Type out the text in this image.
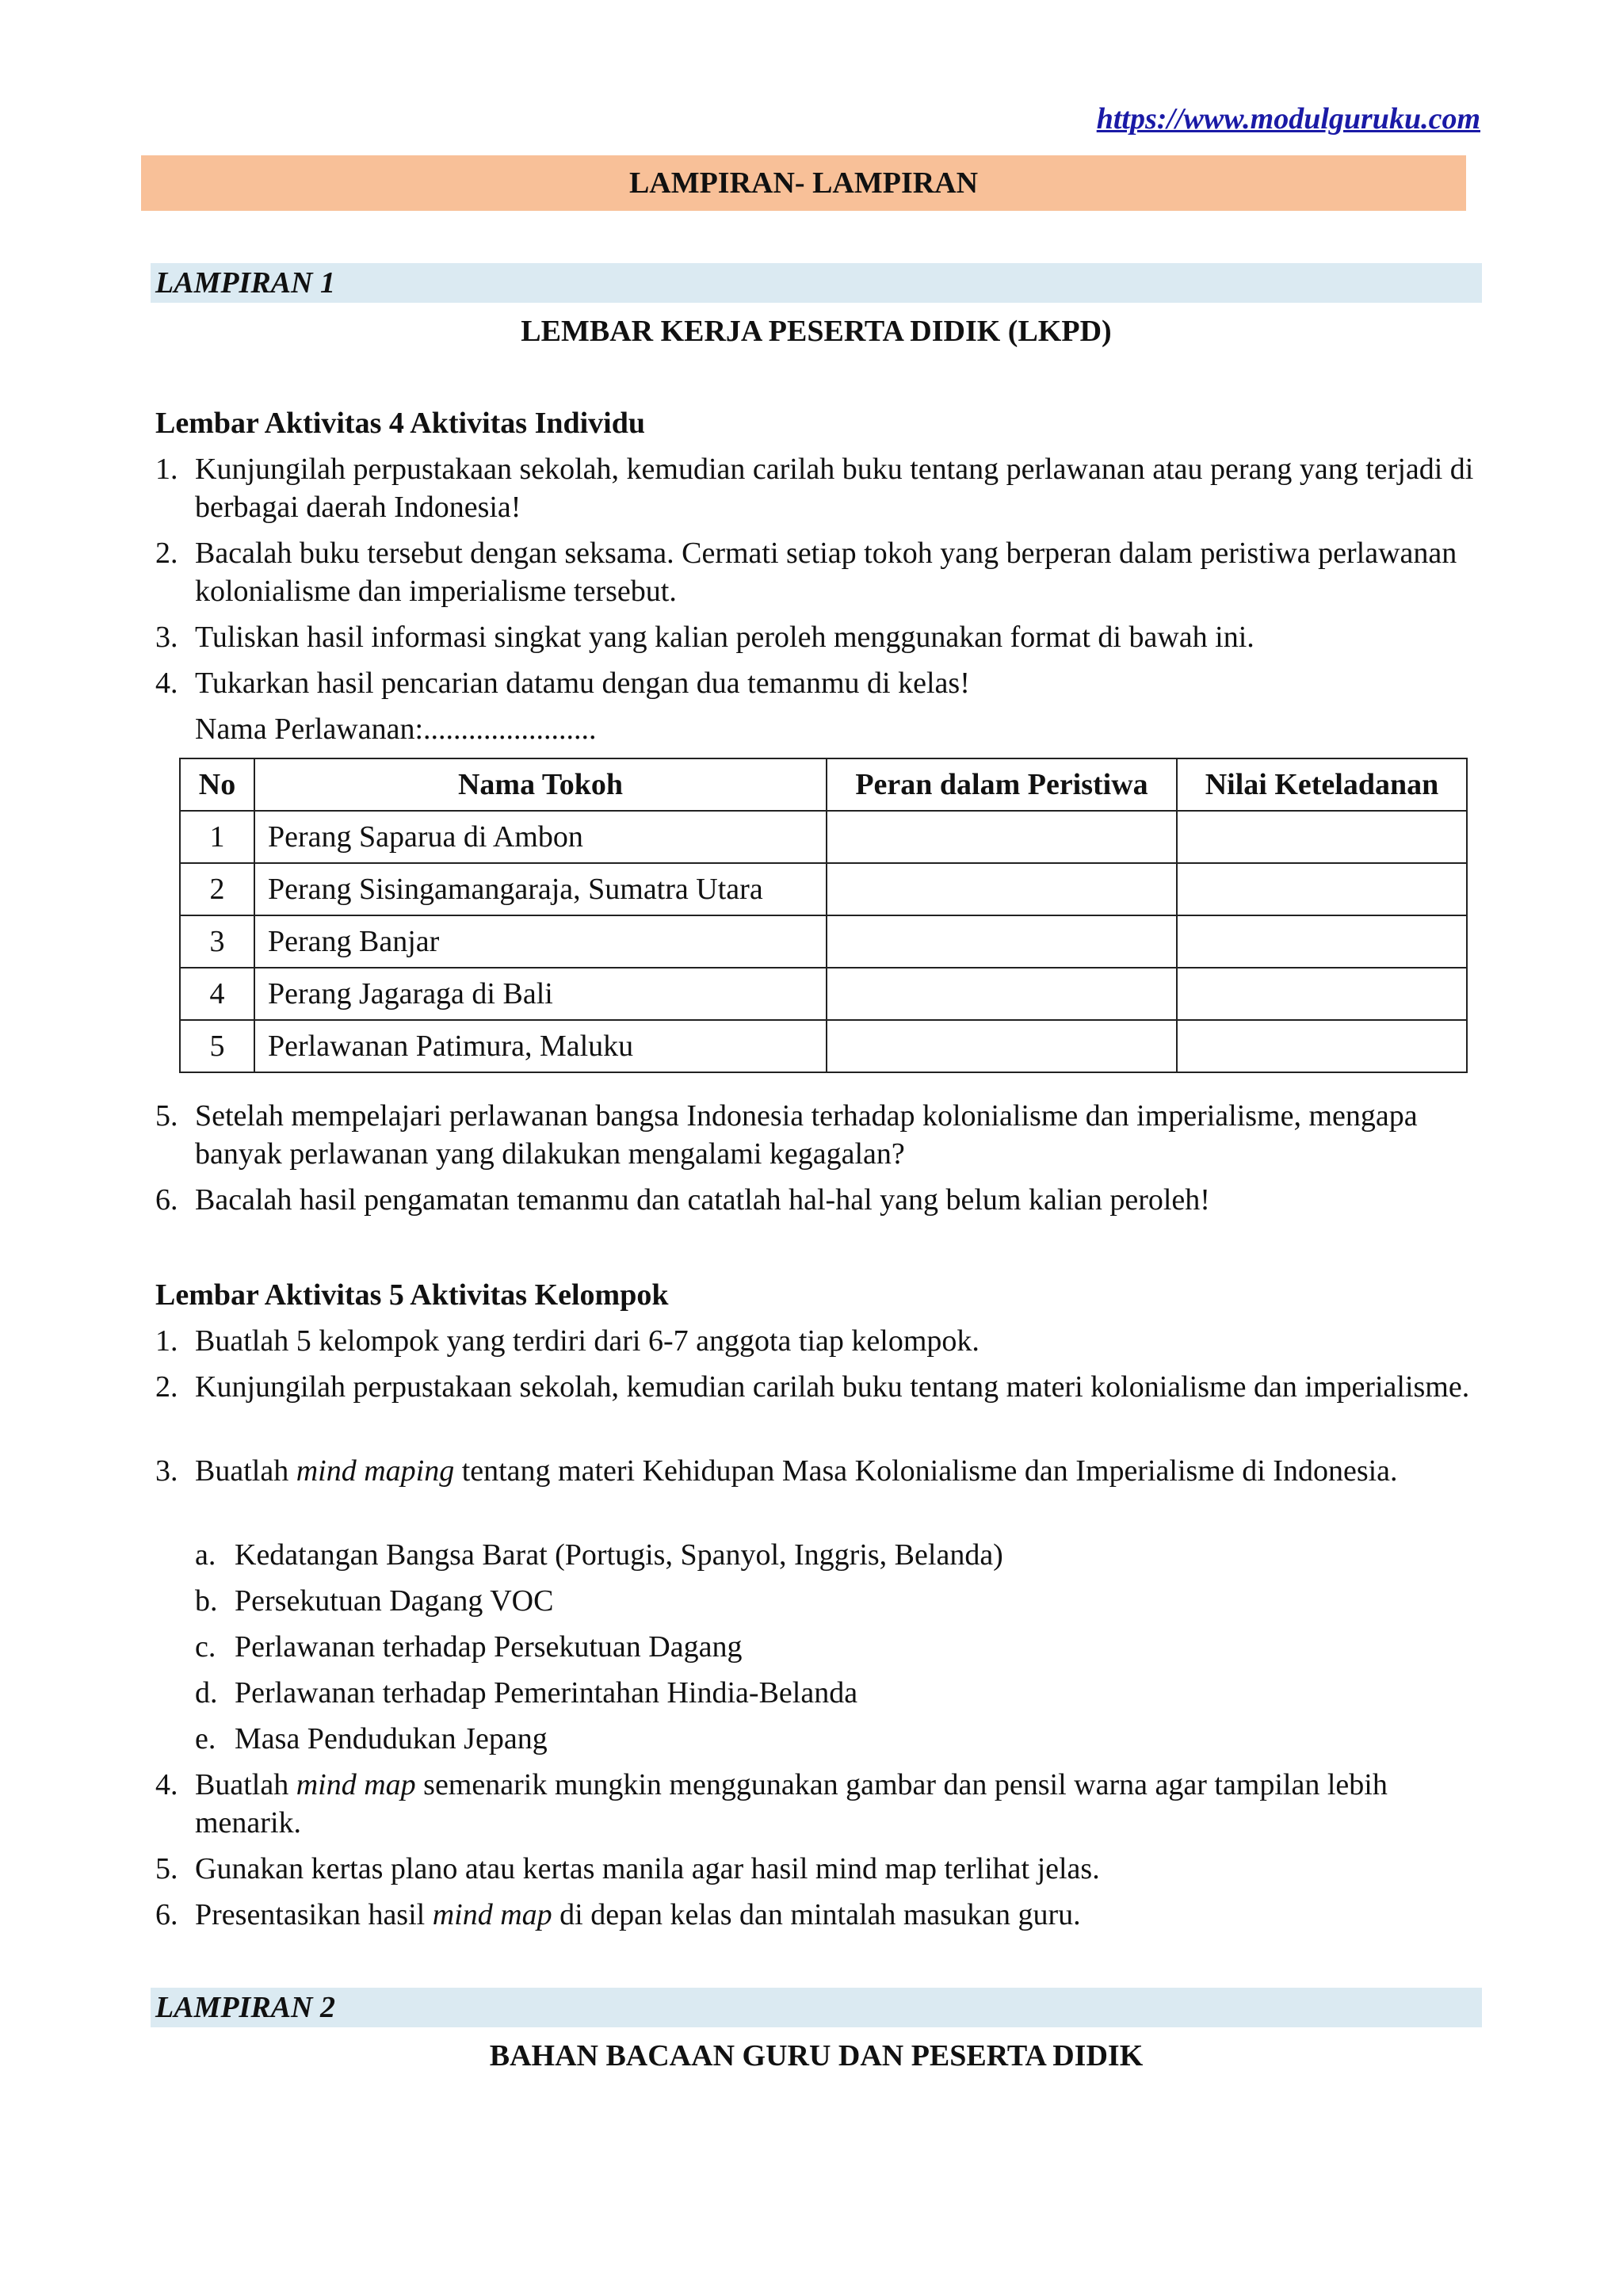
https://www.modulguruku.com
LAMPIRAN- LAMPIRAN
LAMPIRAN 1
LEMBAR KERJA PESERTA DIDIK (LKPD)
Lembar Aktivitas 4 Aktivitas Individu
1. Kunjungilah perpustakaan sekolah, kemudian carilah buku tentang perlawanan atau perang yang terjadi di berbagai daerah Indonesia!
2. Bacalah buku tersebut dengan seksama. Cermati setiap tokoh yang berperan dalam peristiwa perlawanan kolonialisme dan imperialisme tersebut.
3. Tuliskan hasil informasi singkat yang kalian peroleh menggunakan format di bawah ini.
4. Tukarkan hasil pencarian datamu dengan dua temanmu di kelas!
Nama Perlawanan:.......................
No	Nama Tokoh	Peran dalam Peristiwa	Nilai Keteladanan
1	Perang Saparua di Ambon		
2	Perang Sisingamangaraja, Sumatra Utara		
3	Perang Banjar		
4	Perang Jagaraga di Bali		
5	Perlawanan Patimura, Maluku		
5. Setelah mempelajari perlawanan bangsa Indonesia terhadap kolonialisme dan imperialisme, mengapa banyak perlawanan yang dilakukan mengalami kegagalan?
6. Bacalah hasil pengamatan temanmu dan catatlah hal-hal yang belum kalian peroleh!
Lembar Aktivitas 5 Aktivitas Kelompok
1. Buatlah 5 kelompok yang terdiri dari 6-7 anggota tiap kelompok.
2. Kunjungilah perpustakaan sekolah, kemudian carilah buku tentang materi kolonialisme dan imperialisme.
3. Buatlah mind maping tentang materi Kehidupan Masa Kolonialisme dan Imperialisme di Indonesia.
a. Kedatangan Bangsa Barat (Portugis, Spanyol, Inggris, Belanda)
b. Persekutuan Dagang VOC
c. Perlawanan terhadap Persekutuan Dagang
d. Perlawanan terhadap Pemerintahan Hindia-Belanda
e. Masa Pendudukan Jepang
4. Buatlah mind map semenarik mungkin menggunakan gambar dan pensil warna agar tampilan lebih menarik.
5. Gunakan kertas plano atau kertas manila agar hasil mind map terlihat jelas.
6. Presentasikan hasil mind map di depan kelas dan mintalah masukan guru.
LAMPIRAN 2
BAHAN BACAAN GURU DAN PESERTA DIDIK
